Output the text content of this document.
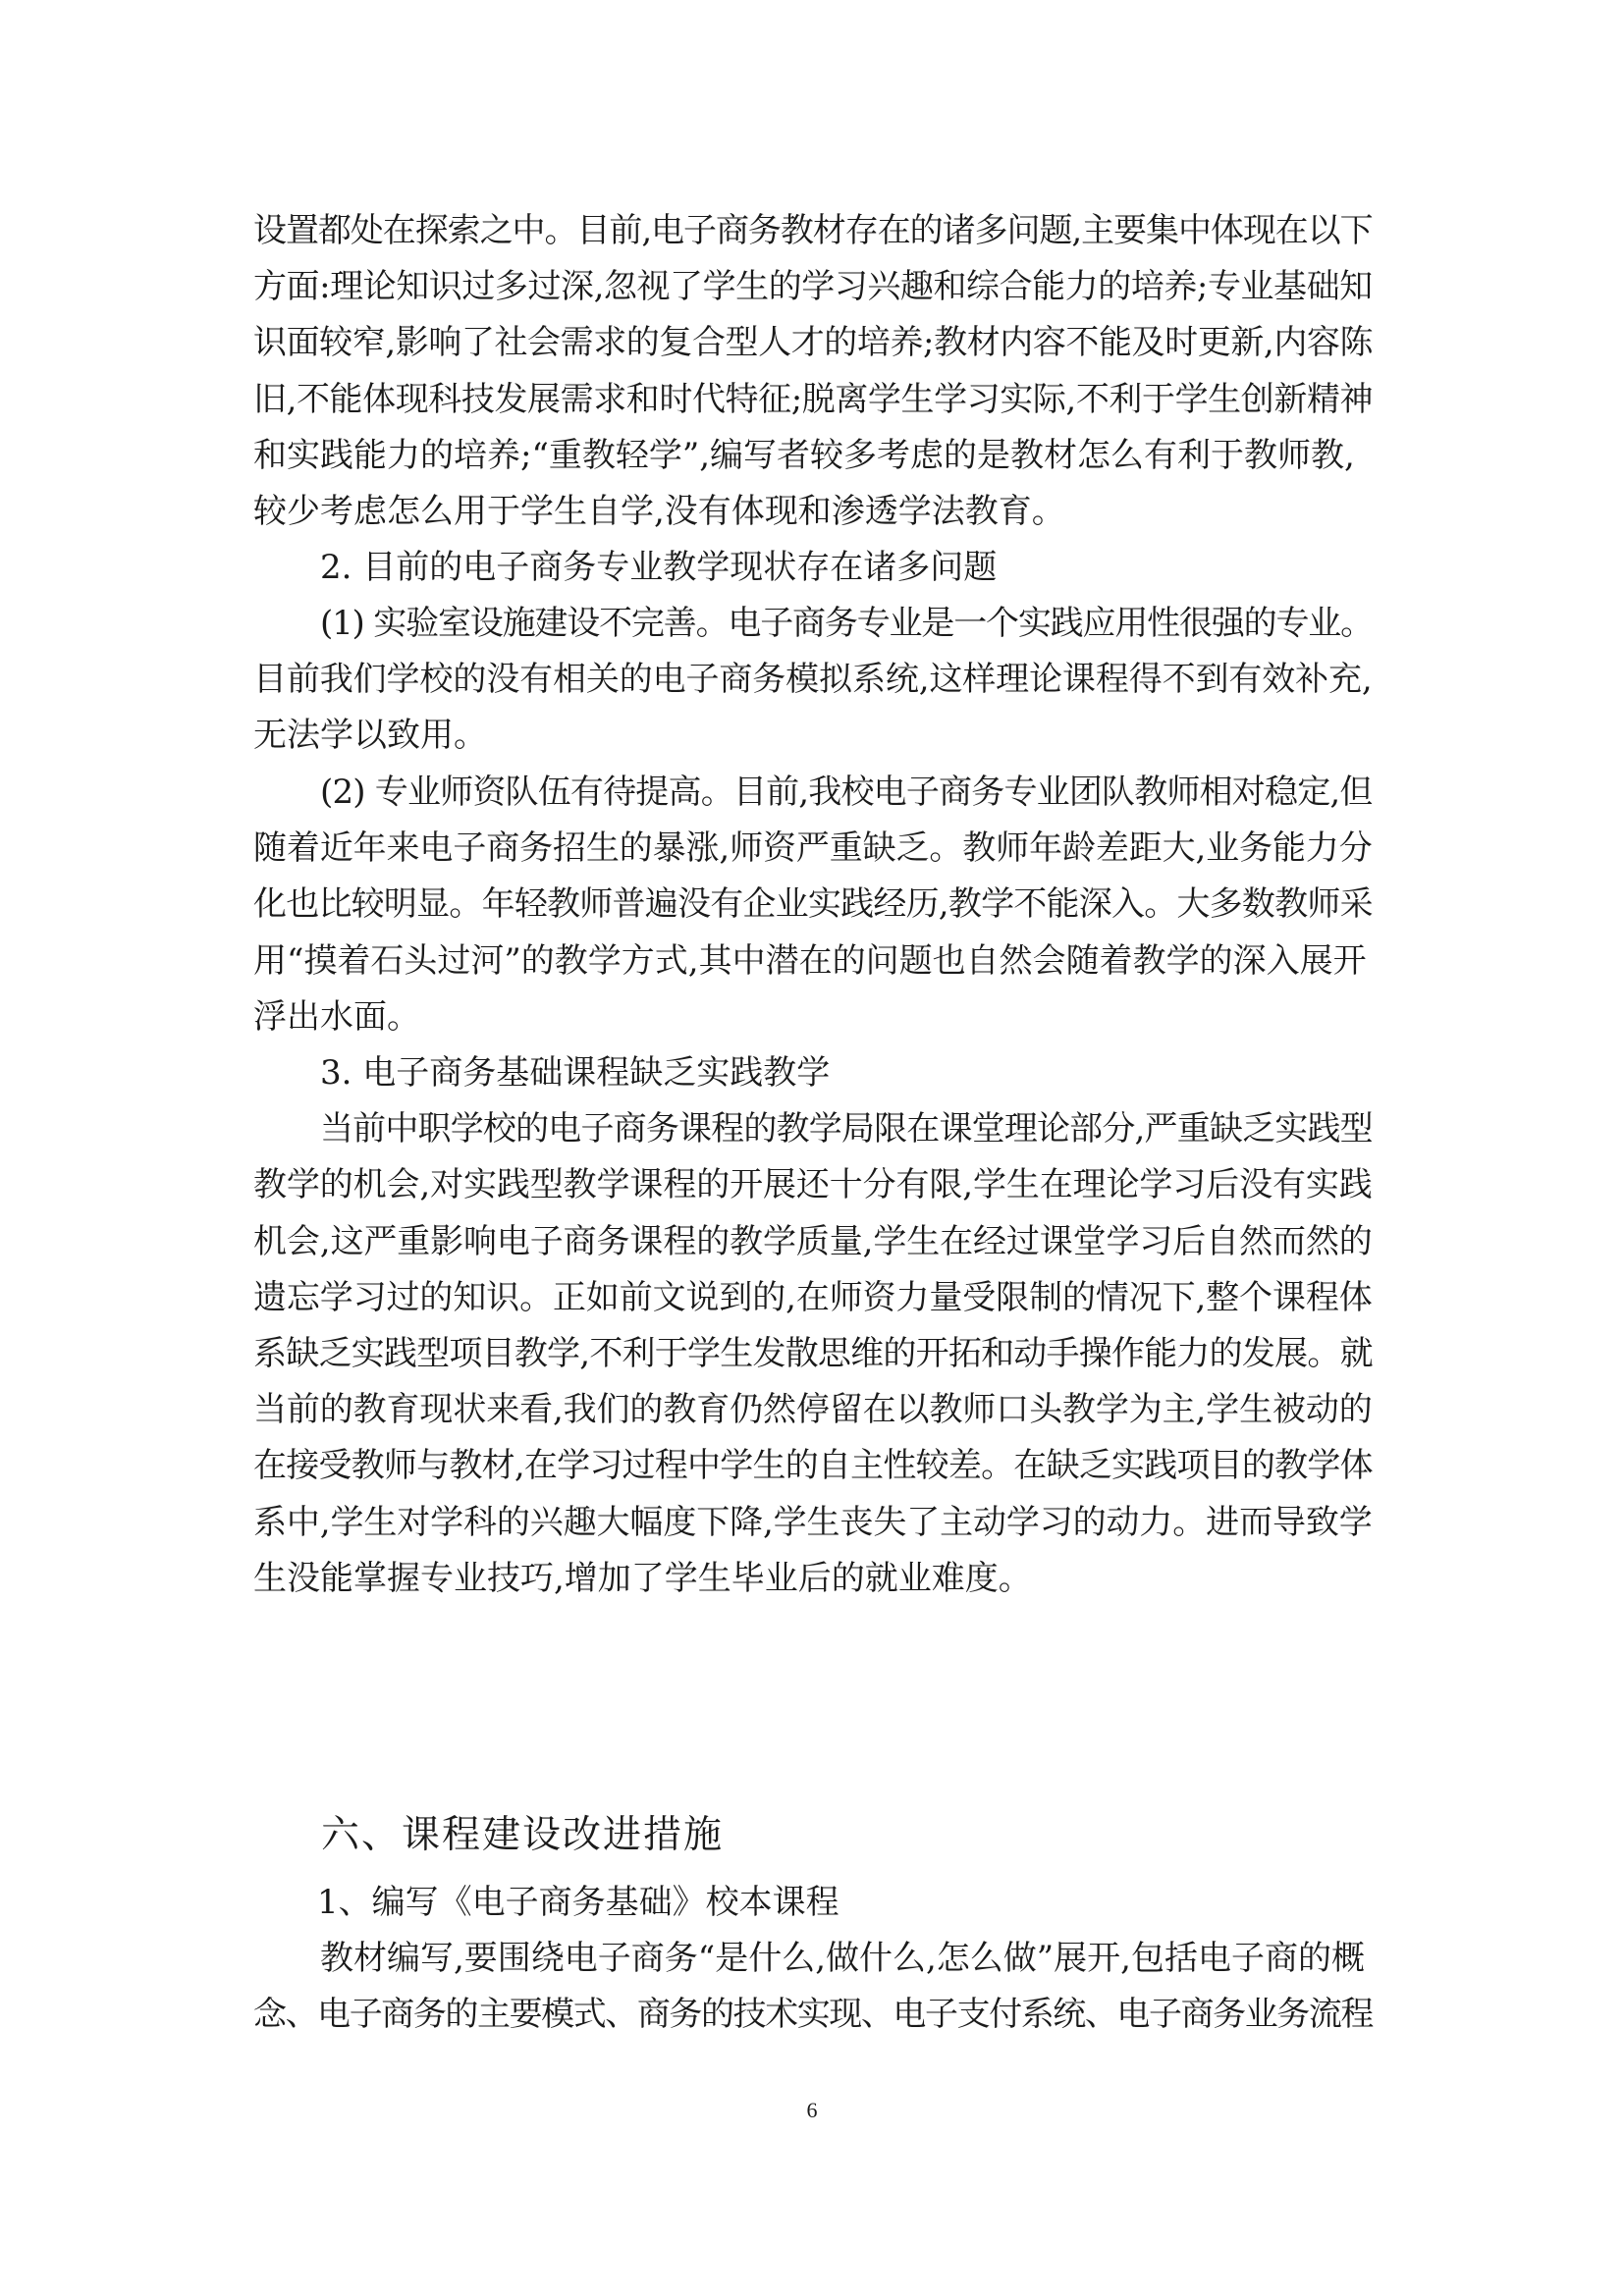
设置都处在探索之中。目前,电子商务教材存在的诸多问题,主要集中体现在以下
方面:理论知识过多过深,忽视了学生的学习兴趣和综合能力的培养;专业基础知
识面较窄,影响了社会需求的复合型人才的培养;教材内容不能及时更新,内容陈
旧,不能体现科技发展需求和时代特征;脱离学生学习实际,不利于学生创新精神
和实践能力的培养;“重教轻学”,编写者较多考虑的是教材怎么有利于教师教,
较少考虑怎么用于学生自学,没有体现和渗透学法教育。
2. 目前的电子商务专业教学现状存在诸多问题
(1) 实验室设施建设不完善。电子商务专业是一个实践应用性很强的专业。
目前我们学校的没有相关的电子商务模拟系统,这样理论课程得不到有效补充,
无法学以致用。
(2) 专业师资队伍有待提高。目前,我校电子商务专业团队教师相对稳定,但
随着近年来电子商务招生的暴涨,师资严重缺乏。教师年龄差距大,业务能力分
化也比较明显。年轻教师普遍没有企业实践经历,教学不能深入。大多数教师采
用“摸着石头过河”的教学方式,其中潜在的问题也自然会随着教学的深入展开
浮出水面。
3. 电子商务基础课程缺乏实践教学
当前中职学校的电子商务课程的教学局限在课堂理论部分,严重缺乏实践型
教学的机会,对实践型教学课程的开展还十分有限,学生在理论学习后没有实践
机会,这严重影响电子商务课程的教学质量,学生在经过课堂学习后自然而然的
遗忘学习过的知识。正如前文说到的,在师资力量受限制的情况下,整个课程体
系缺乏实践型项目教学,不利于学生发散思维的开拓和动手操作能力的发展。就
当前的教育现状来看,我们的教育仍然停留在以教师口头教学为主,学生被动的
在接受教师与教材,在学习过程中学生的自主性较差。在缺乏实践项目的教学体
系中,学生对学科的兴趣大幅度下降,学生丧失了主动学习的动力。进而导致学
生没能掌握专业技巧,增加了学生毕业后的就业难度。
六、课程建设改进措施
1、编写《电子商务基础》校本课程
教材编写,要围绕电子商务“是什么,做什么,怎么做”展开,包括电子商的概
念、电子商务的主要模式、商务的技术实现、电子支付系统、电子商务业务流程
6
